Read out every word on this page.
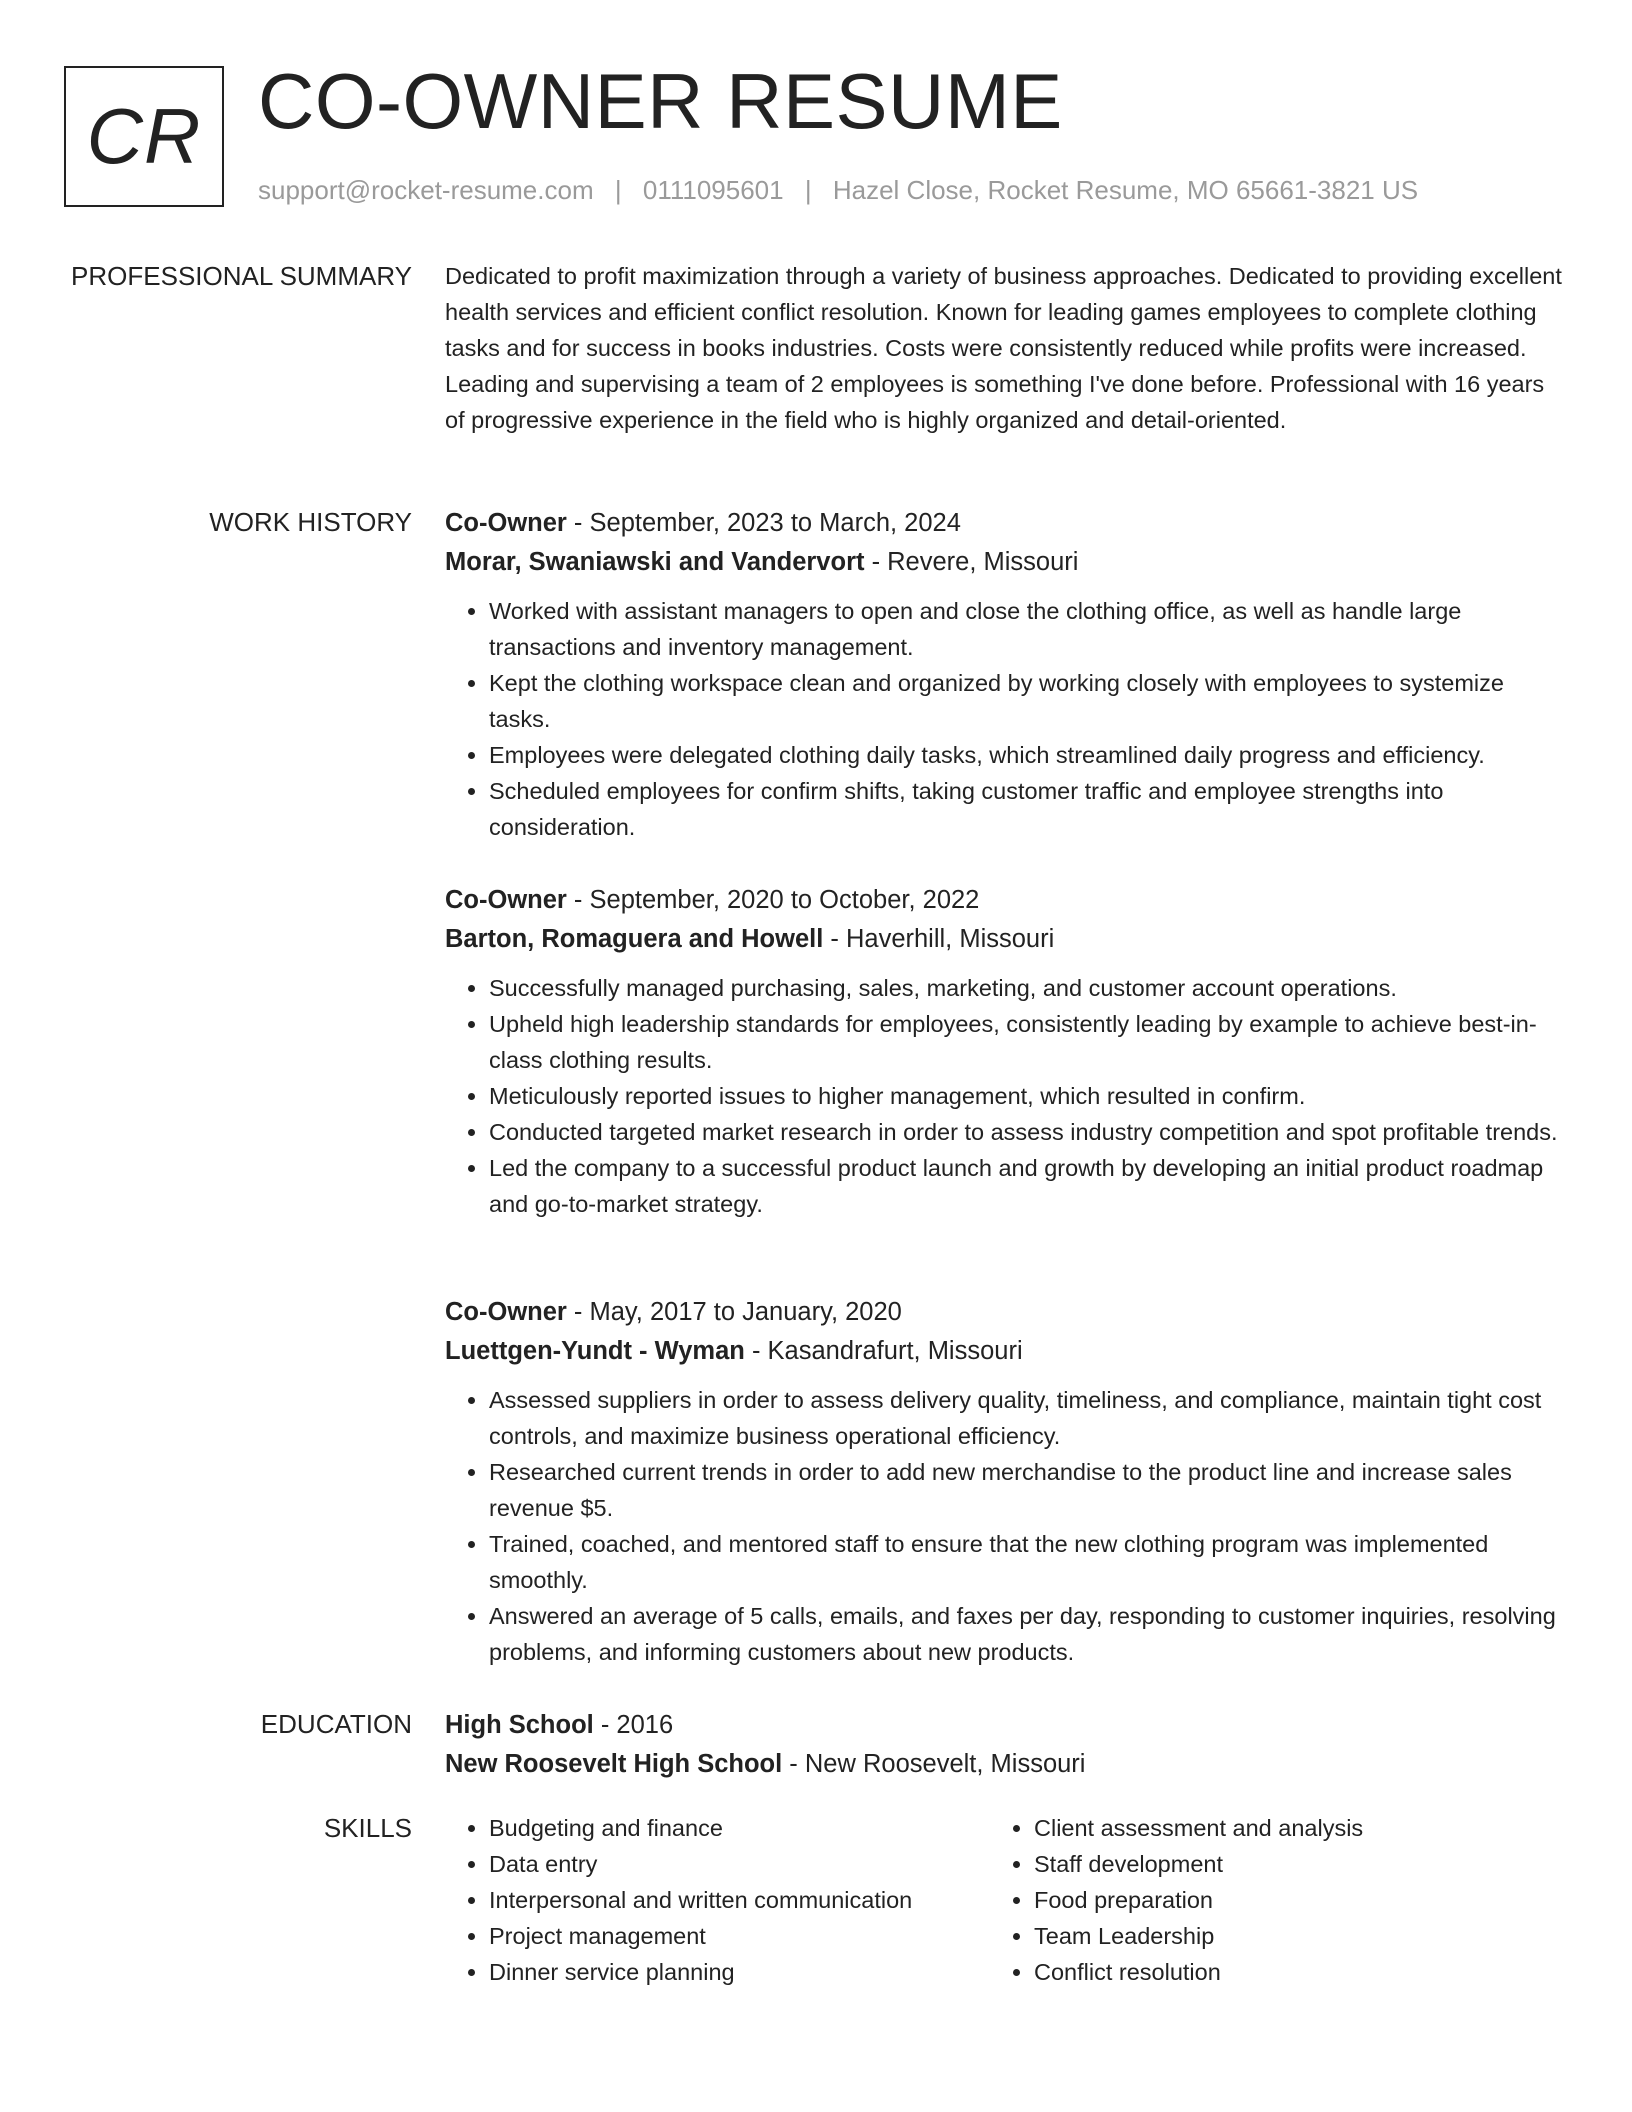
CR CO-OWNER RESUME
support@rocket-resume.com | 0111095601 | Hazel Close, Rocket Resume, MO 65661-3821 US
PROFESSIONAL SUMMARY Dedicated to profit maximization through a variety of business approaches. Dedicated to providing excellent health services and efficient conflict resolution. Known for leading games employees to complete clothing tasks and for success in books industries. Costs were consistently reduced while profits were increased. Leading and supervising a team of 2 employees is something I've done before. Professional with 16 years of progressive experience in the field who is highly organized and detail-oriented.

WORK HISTORY Co-Owner - September, 2023 to March, 2024
Morar, Swaniawski and Vandervort - Revere, Missouri
• Worked with assistant managers to open and close the clothing office, as well as handle large transactions and inventory management.
• Kept the clothing workspace clean and organized by working closely with employees to systemize tasks.
• Employees were delegated clothing daily tasks, which streamlined daily progress and efficiency.
• Scheduled employees for confirm shifts, taking customer traffic and employee strengths into consideration.
Co-Owner - September, 2020 to October, 2022
Barton, Romaguera and Howell - Haverhill, Missouri
• Successfully managed purchasing, sales, marketing, and customer account operations.
• Upheld high leadership standards for employees, consistently leading by example to achieve best-in-class clothing results.
• Meticulously reported issues to higher management, which resulted in confirm.
• Conducted targeted market research in order to assess industry competition and spot profitable trends.
• Led the company to a successful product launch and growth by developing an initial product roadmap and go-to-market strategy.
Co-Owner - May, 2017 to January, 2020
Luettgen-Yundt - Wyman - Kasandrafurt, Missouri
• Assessed suppliers in order to assess delivery quality, timeliness, and compliance, maintain tight cost controls, and maximize business operational efficiency.
• Researched current trends in order to add new merchandise to the product line and increase sales revenue $5.
• Trained, coached, and mentored staff to ensure that the new clothing program was implemented smoothly.
• Answered an average of 5 calls, emails, and faxes per day, responding to customer inquiries, resolving problems, and informing customers about new products.
EDUCATION High School - 2016
New Roosevelt High School - New Roosevelt, Missouri
SKILLS
•	Budgeting and finance
• Data entry
• Interpersonal and written communication
• Project management
• Dinner service planning
• Client assessment and analysis
• Staff development
• Food preparation
• Team Leadership
• Conflict resolution
